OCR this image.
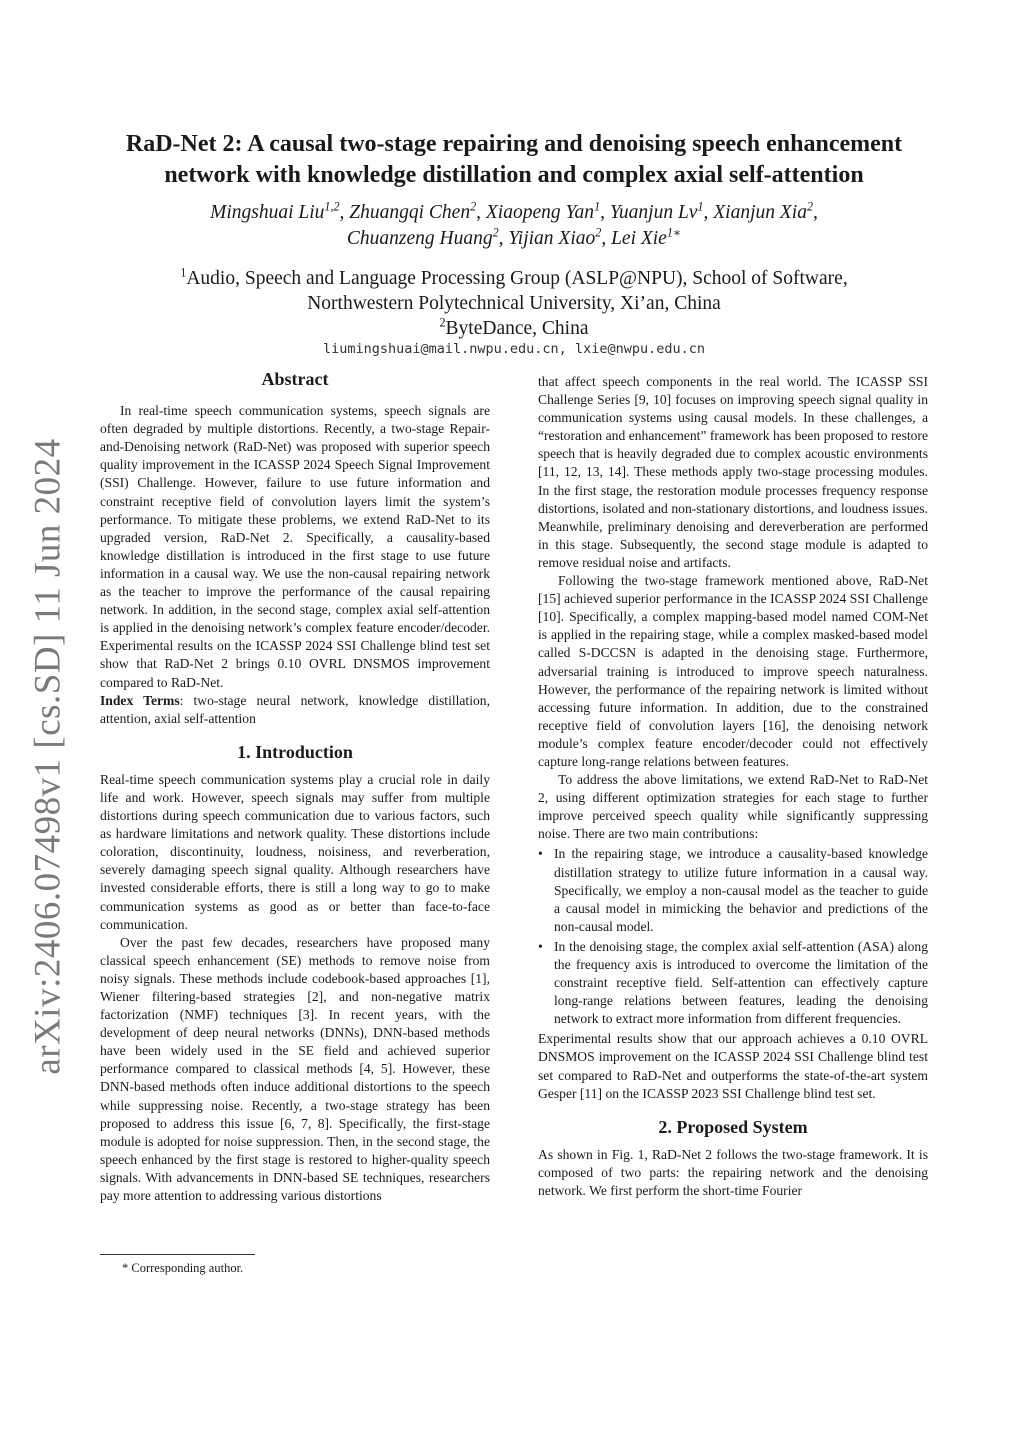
arXiv:2406.07498v1 [cs.SD] 11 Jun 2024
RaD-Net 2: A causal two-stage repairing and denoising speech enhancement network with knowledge distillation and complex axial self-attention
Mingshuai Liu$^{1,2}$, Zhuangqi Chen$^2$, Xiaopeng Yan$^1$, Yuanjun Lv$^1$, Xianjun Xia$^2$,
Chuanzeng Huang$^2$, Yijian Xiao$^2$, Lei Xie$^{1∗}$
$^1$Audio, Speech and Language Processing Group (ASLP@NPU), School of Software,
Northwestern Polytechnical University, Xi’an, China
$^2$ByteDance, China
liumingshuai@mail.nwpu.edu.cn, lxie@nwpu.edu.cn
Abstract

In real-time speech communication systems, speech signals are often degraded by multiple distortions. Recently, a two-stage Repair-and-Denoising network (RaD-Net) was proposed with superior speech quality improvement in the ICASSP 2024 Speech Signal Improvement (SSI) Challenge. However, failure to use future information and constraint receptive field of convolution layers limit the system’s performance. To mitigate these problems, we extend RaD-Net to its upgraded version, RaD-Net 2. Specifically, a causality-based knowledge distillation is introduced in the first stage to use future information in a causal way. We use the non-causal repairing network as the teacher to improve the performance of the causal repairing network. In addition, in the second stage, complex axial self-attention is applied in the denoising network’s complex feature encoder/decoder. Experimental results on the ICASSP 2024 SSI Challenge blind test set show that RaD-Net 2 brings 0.10 OVRL DNSMOS improvement compared to RaD-Net.

Index Terms: two-stage neural network, knowledge distillation, attention, axial self-attention

1. Introduction

Real-time speech communication systems play a crucial role in daily life and work. However, speech signals may suffer from multiple distortions during speech communication due to various factors, such as hardware limitations and network quality. These distortions include coloration, discontinuity, loudness, noisiness, and reverberation, severely damaging speech signal quality. Although researchers have invested considerable efforts, there is still a long way to go to make communication systems as good as or better than face-to-face communication.

Over the past few decades, researchers have proposed many classical speech enhancement (SE) methods to remove noise from noisy signals. These methods include codebook-based approaches [1], Wiener filtering-based strategies [2], and non-negative matrix factorization (NMF) techniques [3]. In recent years, with the development of deep neural networks (DNNs), DNN-based methods have been widely used in the SE field and achieved superior performance compared to classical methods [4, 5]. However, these DNN-based methods often induce additional distortions to the speech while suppressing noise. Recently, a two-stage strategy has been proposed to address this issue [6, 7, 8]. Specifically, the first-stage module is adopted for noise suppression. Then, in the second stage, the speech enhanced by the first stage is restored to higher-quality speech signals. With advancements in DNN-based SE techniques, researchers pay more attention to addressing various distortions

that affect speech components in the real world. The ICASSP SSI Challenge Series [9, 10] focuses on improving speech signal quality in communication systems using causal models. In these challenges, a “restoration and enhancement” framework has been proposed to restore speech that is heavily degraded due to complex acoustic environments [11, 12, 13, 14]. These methods apply two-stage processing modules. In the first stage, the restoration module processes frequency response distortions, isolated and non-stationary distortions, and loudness issues. Meanwhile, preliminary denoising and dereverberation are performed in this stage. Subsequently, the second stage module is adapted to remove residual noise and artifacts.

Following the two-stage framework mentioned above, RaD-Net [15] achieved superior performance in the ICASSP 2024 SSI Challenge [10]. Specifically, a complex mapping-based model named COM-Net is applied in the repairing stage, while a complex masked-based model called S-DCCSN is adapted in the denoising stage. Furthermore, adversarial training is introduced to improve speech naturalness. However, the performance of the repairing network is limited without accessing future information. In addition, due to the constrained receptive field of convolution layers [16], the denoising network module’s complex feature encoder/decoder could not effectively capture long-range relations between features.

To address the above limitations, we extend RaD-Net to RaD-Net 2, using different optimization strategies for each stage to further improve perceived speech quality while significantly suppressing noise. There are two main contributions:

• In the repairing stage, we introduce a causality-based knowledge distillation strategy to utilize future information in a causal way. Specifically, we employ a non-causal model as the teacher to guide a causal model in mimicking the behavior and predictions of the non-causal model.
• In the denoising stage, the complex axial self-attention (ASA) along the frequency axis is introduced to overcome the limitation of the constraint receptive field. Self-attention can effectively capture long-range relations between features, leading the denoising network to extract more information from different frequencies.

Experimental results show that our approach achieves a 0.10 OVRL DNSMOS improvement on the ICASSP 2024 SSI Challenge blind test set compared to RaD-Net and outperforms the state-of-the-art system Gesper [11] on the ICASSP 2023 SSI Challenge blind test set.

2. Proposed System

As shown in Fig. 1, RaD-Net 2 follows the two-stage framework. It is composed of two parts: the repairing network and the denoising network. We first perform the short-time Fourier

* Corresponding author.
